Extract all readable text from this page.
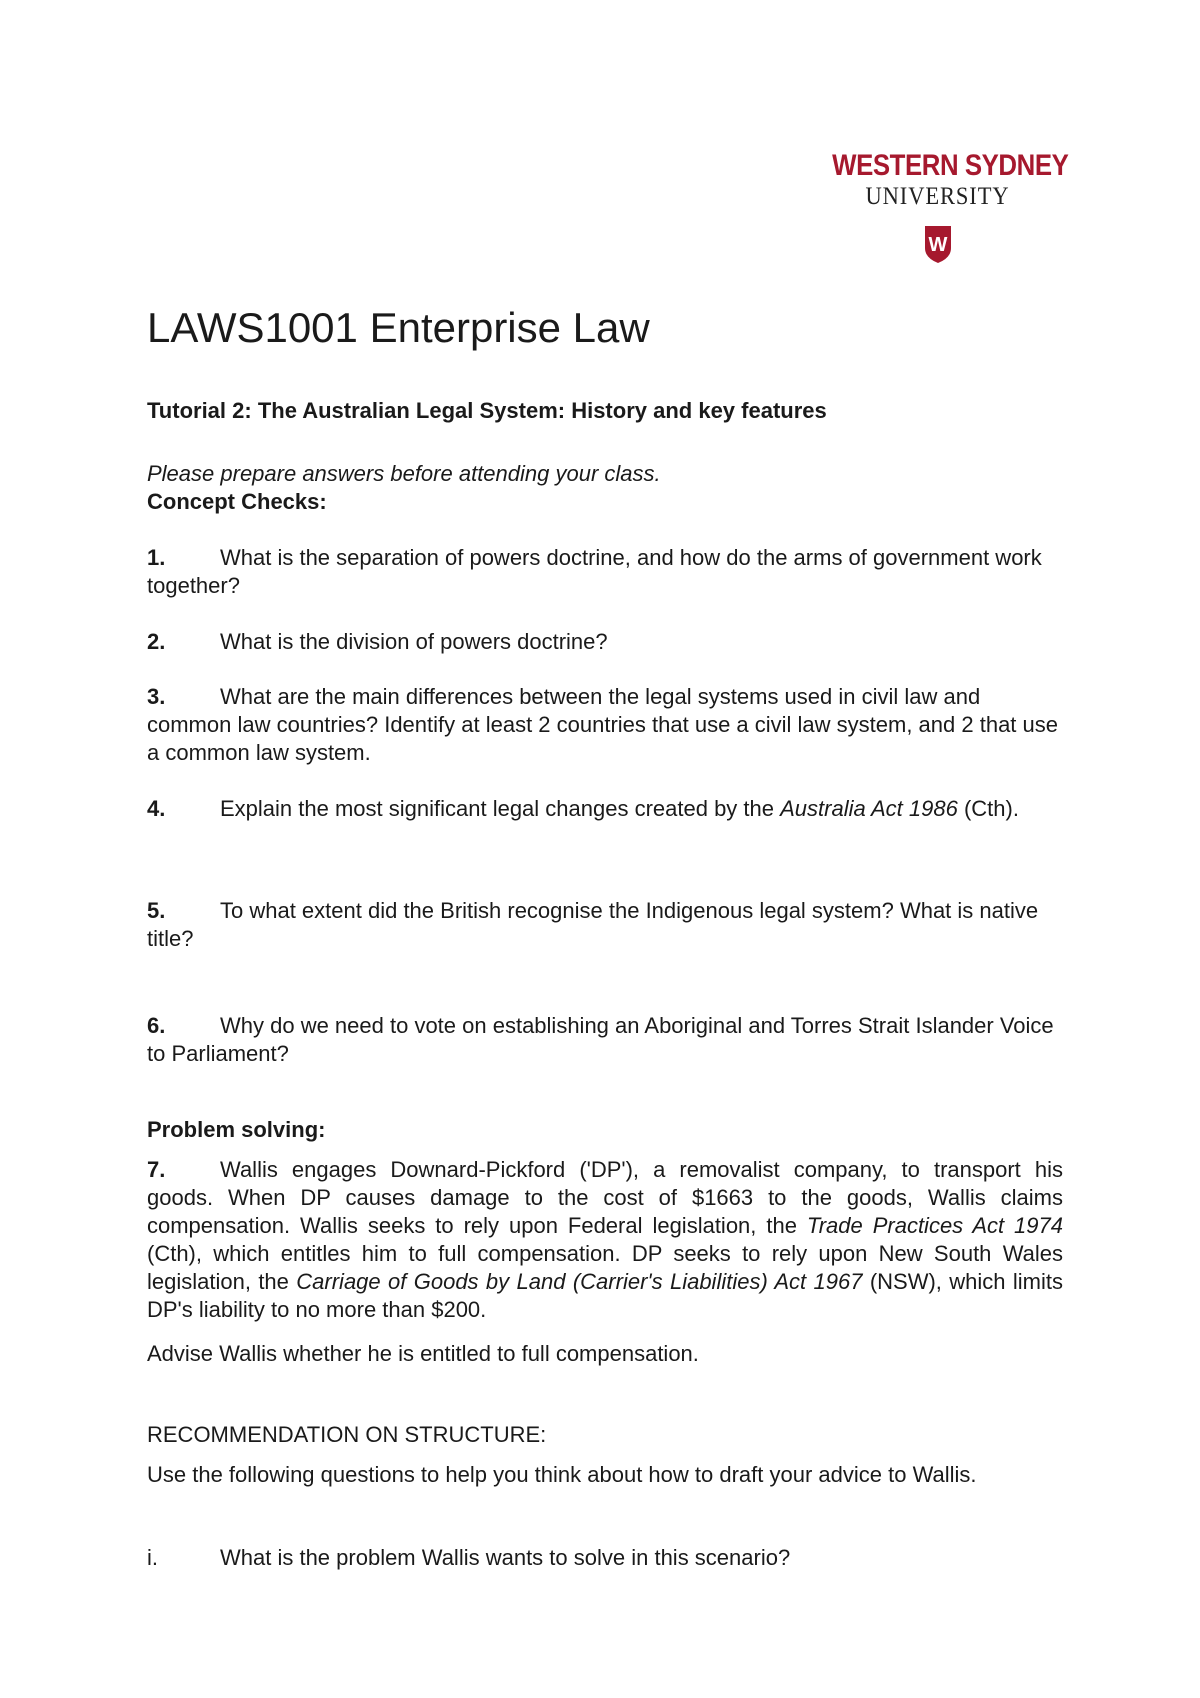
WESTERN SYDNEY
UNIVERSITY
W
LAWS1001 Enterprise Law
Tutorial 2: The Australian Legal System: History and key features
Please prepare answers before attending your class.
Concept Checks:
1. What is the separation of powers doctrine, and how do the arms of government work together?
2. What is the division of powers doctrine?
3. What are the main differences between the legal systems used in civil law and common law countries? Identify at least 2 countries that use a civil law system, and 2 that use a common law system.
4. Explain the most significant legal changes created by the Australia Act 1986 (Cth).
5. To what extent did the British recognise the Indigenous legal system? What is native title?
6. Why do we need to vote on establishing an Aboriginal and Torres Strait Islander Voice to Parliament?
Problem solving:
7. Wallis engages Downard-Pickford ('DP'), a removalist company, to transport his goods. When DP causes damage to the cost of $1663 to the goods, Wallis claims compensation. Wallis seeks to rely upon Federal legislation, the Trade Practices Act 1974 (Cth), which entitles him to full compensation. DP seeks to rely upon New South Wales legislation, the Carriage of Goods by Land (Carrier's Liabilities) Act 1967 (NSW), which limits DP's liability to no more than $200.
Advise Wallis whether he is entitled to full compensation.
RECOMMENDATION ON STRUCTURE:
Use the following questions to help you think about how to draft your advice to Wallis.
i.	What is the problem Wallis wants to solve in this scenario?
